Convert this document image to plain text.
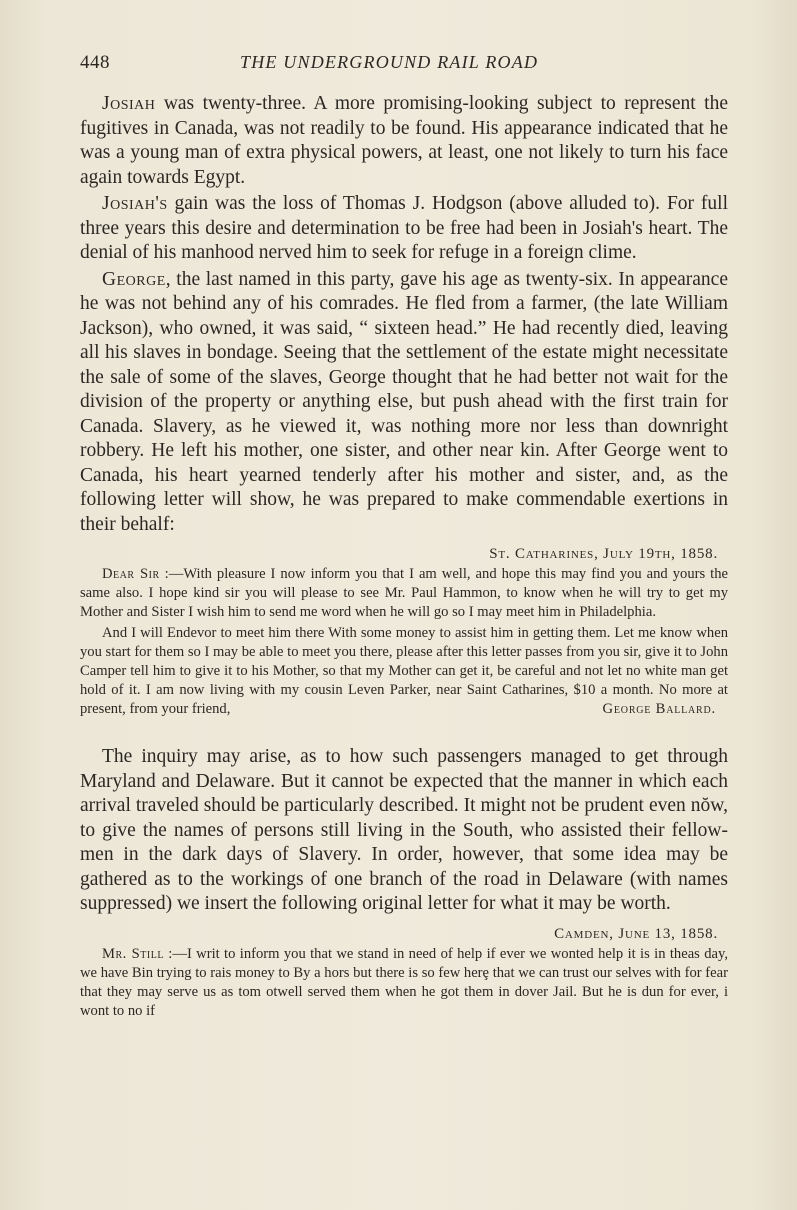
448	THE UNDERGROUND RAIL ROAD

Josiah was twenty-three. A more promising-looking subject to represent the fugitives in Canada, was not readily to be found. His appearance indicated that he was a young man of extra physical powers, at least, one not likely to turn his face again towards Egypt.

Josiah's gain was the loss of Thomas J. Hodgson (above alluded to). For full three years this desire and determination to be free had been in Josiah's heart. The denial of his manhood nerved him to seek for refuge in a foreign clime.

George, the last named in this party, gave his age as twenty-six. In appearance he was not behind any of his comrades. He fled from a farmer, (the late William Jackson), who owned, it was said, “ sixteen head.” He had recently died, leaving all his slaves in bondage. Seeing that the settlement of the estate might necessitate the sale of some of the slaves, George thought that he had better not wait for the division of the property or anything else, but push ahead with the first train for Canada. Slavery, as he viewed it, was nothing more nor less than downright robbery. He left his mother, one sister, and other near kin. After George went to Canada, his heart yearned tenderly after his mother and sister, and, as the following letter will show, he was prepared to make commendable exertions in their behalf:

St. Catharines, July 19th, 1858.

Dear Sir :—With pleasure I now inform you that I am well, and hope this may find you and yours the same also. I hope kind sir you will please to see Mr. Paul Hammon, to know when he will try to get my Mother and Sister I wish him to send me word when he will go so I may meet him in Philadelphia.

And I will Endevor to meet him there With some money to assist him in getting them. Let me know when you start for them so I may be able to meet you there, please after this letter passes from you sir, give it to John Camper tell him to give it to his Mother, so that my Mother can get it, be careful and not let no white man get hold of it. I am now living with my cousin Leven Parker, near Saint Catharines, $10 a month. No more at present, from your friend,	George Ballard.

The inquiry may arise, as to how such passengers managed to get through Maryland and Delaware. But it cannot be expected that the manner in which each arrival traveled should be particularly described. It might not be prudent even nŏw, to give the names of persons still living in the South, who assisted their fellow-men in the dark days of Slavery. In order, however, that some idea may be gathered as to the workings of one branch of the road in Delaware (with names suppressed) we insert the following original letter for what it may be worth.

Camden, June 13, 1858.

Mr. Still :—I writ to inform you that we stand in need of help if ever we wonted help it is in theas day, we have Bin trying to rais money to By a hors but there is so few herȩ that we can trust our selves with for fear that they may serve us as tom otwell served them when he got them in dover Jail. But he is dun for ever, i wont to no if
